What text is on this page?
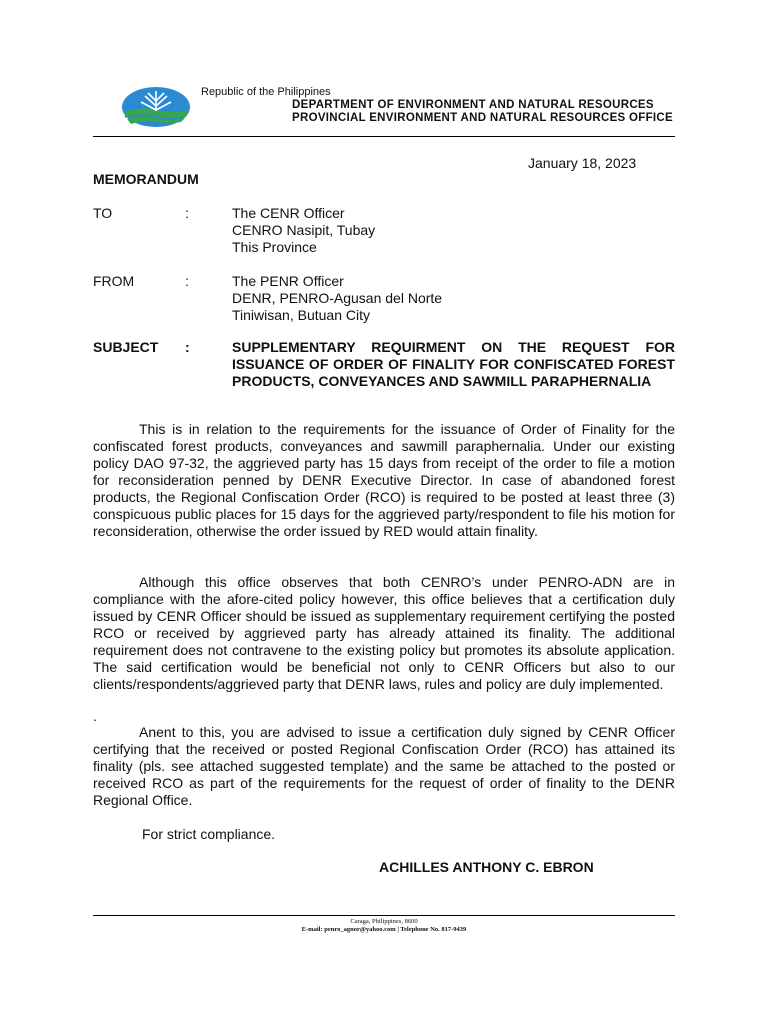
Republic of the Philippines
DEPARTMENT OF ENVIRONMENT AND NATURAL RESOURCES
PROVINCIAL ENVIRONMENT AND NATURAL RESOURCES OFFICE
January 18, 2023
MEMORANDUM
TO	:	The CENR Officer
CENRO Nasipit, Tubay
This Province
FROM	:	The PENR Officer
DENR, PENRO-Agusan del Norte
Tiniwisan, Butuan City
SUBJECT :	SUPPLEMENTARY REQUIRMENT ON THE REQUEST FOR ISSUANCE OF ORDER OF FINALITY FOR CONFISCATED FOREST PRODUCTS, CONVEYANCES AND SAWMILL PARAPHERNALIA

This is in relation to the requirements for the issuance of Order of Finality for the confiscated forest products, conveyances and sawmill paraphernalia. Under our existing policy DAO 97-32, the aggrieved party has 15 days from receipt of the order to file a motion for reconsideration penned by DENR Executive Director. In case of abandoned forest products, the Regional Confiscation Order (RCO) is required to be posted at least three (3) conspicuous public places for 15 days for the aggrieved party/respondent to file his motion for reconsideration, otherwise the order issued by RED would attain finality.

Although this office observes that both CENRO’s under PENRO-ADN are in compliance with the afore-cited policy however, this office believes that a certification duly issued by CENR Officer should be issued as supplementary requirement certifying the posted RCO or received by aggrieved party has already attained its finality. The additional requirement does not contravene to the existing policy but promotes its absolute application. The said certification would be beneficial not only to CENR Officers but also to our clients/respondents/aggrieved party that DENR laws, rules and policy are duly implemented.

.

Anent to this, you are advised to issue a certification duly signed by CENR Officer certifying that the received or posted Regional Confiscation Order (RCO) has attained its finality (pls. see attached suggested template) and the same be attached to the posted or received RCO as part of the requirements for the request of order of finality to the DENR Regional Office.

For strict compliance.
ACHILLES ANTHONY C. EBRON
Caraga, Philippines, 8600
E-mail: penro_agnor@yahoo.com | Telephone No. 817-9439
